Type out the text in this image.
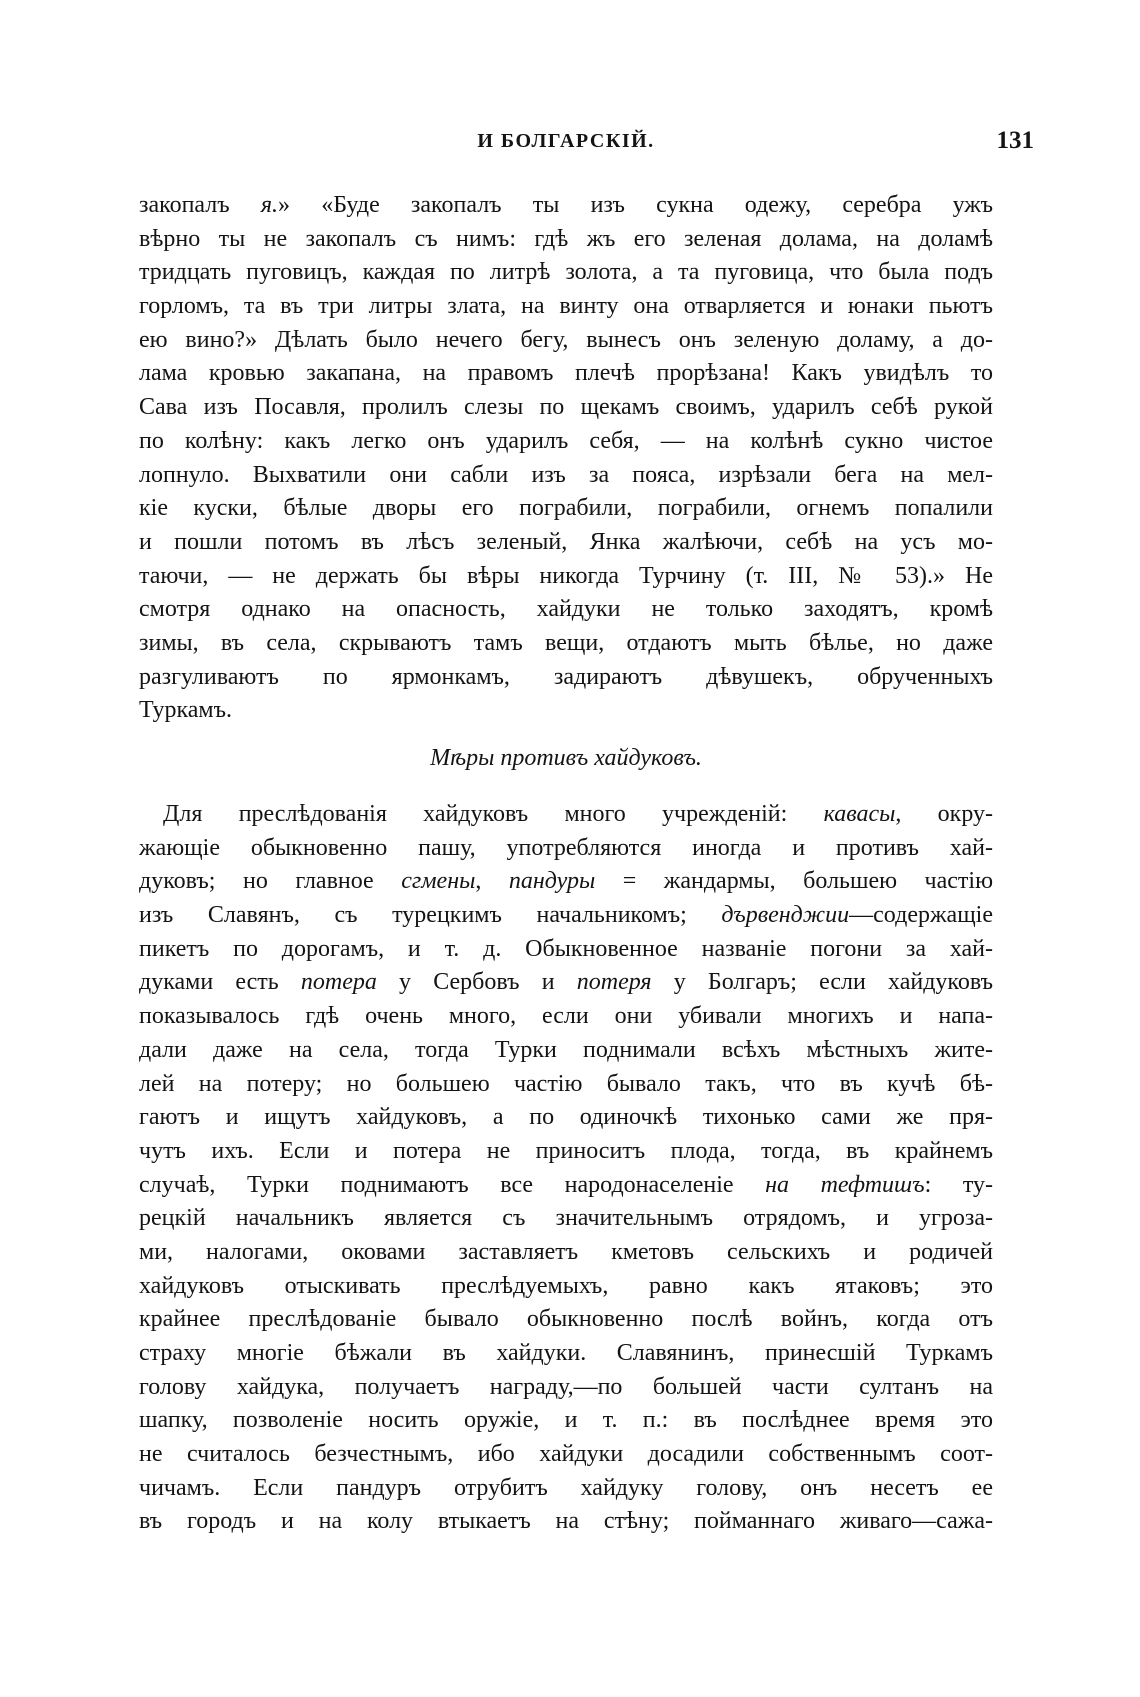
И БОЛГАРСКІЙ.	131
закопалъ я.» «Буде закопалъ ты изъ сукна одежу, серебра ужъ
вѣрно ты не закопалъ съ нимъ: гдѣ жъ его зеленая долама, на доламѣ
тридцать пуговицъ, каждая по литрѣ золота, а та пуговица, что была подъ
горломъ, та въ три литры злата, на винту она отварляется и юнаки пьютъ
ею вино?» Дѣлать было нечего бегу, вынесъ онъ зеленую доламу, а до-
лама кровью закапана, на правомъ плечѣ прорѣзана! Какъ увидѣлъ то
Сава изъ Посавля, пролилъ слезы по щекамъ своимъ, ударилъ себѣ рукой
по колѣну: какъ легко онъ ударилъ себя, — на колѣнѣ сукно чистое
лопнуло. Выхватили они сабли изъ за пояса, изрѣзали бега на мел-
кіе куски, бѣлые дворы его пограбили, пограбили, огнемъ попалили
и пошли потомъ въ лѣсъ зеленый, Янка жалѣючи, себѣ на усъ мо-
таючи, — не держать бы вѣры никогда Турчину (т. III, № 53).» Не
смотря однако на опасность, хайдуки не только заходятъ, кромѣ
зимы, въ села, скрываютъ тамъ вещи, отдаютъ мыть бѣлье, но даже
разгуливаютъ по ярмонкамъ, задираютъ дѣвушекъ, обрученныхъ
Туркамъ.
Мѣры противъ хайдуковъ.
Для преслѣдованія хайдуковъ много учрежденій: кавасы, окру-
жающіе обыкновенно пашу, употребляются иногда и противъ хай-
дуковъ; но главное сгмены, пандуры = жандармы, большею частію
изъ Славянъ, съ турецкимъ начальникомъ; дървенджии—содержащіе
пикетъ по дорогамъ, и т. д. Обыкновенное названіе погони за хай-
дуками есть потера у Сербовъ и потеря у Болгаръ; если хайдуковъ
показывалось гдѣ очень много, если они убивали многихъ и напа-
дали даже на села, тогда Турки поднимали всѣхъ мѣстныхъ жите-
лей на потеру; но большею частію бывало такъ, что въ кучѣ бѣ-
гаютъ и ищутъ хайдуковъ, а по одиночкѣ тихонько сами же пря-
чутъ ихъ. Если и потера не приноситъ плода, тогда, въ крайнемъ
случаѣ, Турки поднимаютъ все народонаселеніе на тефтишъ: ту-
рецкій начальникъ является съ значительнымъ отрядомъ, и угроза-
ми, налогами, оковами заставляетъ кметовъ сельскихъ и родичей
хайдуковъ отыскивать преслѣдуемыхъ, равно какъ ятаковъ; это
крайнее преслѣдованіе бывало обыкновенно послѣ войнъ, когда отъ
страху многіе бѣжали въ хайдуки. Славянинъ, принесшій Туркамъ
голову хайдука, получаетъ награду,—по большей части султанъ на
шапку, позволеніе носить оружіе, и т. п.: въ послѣднее время это
не считалось безчестнымъ, ибо хайдуки досадили собственнымъ соот-
чичамъ. Если пандуръ отрубитъ хайдуку голову, онъ несетъ ее
въ городъ и на колу втыкаетъ на стѣну; пойманнаго живаго—сажа-
